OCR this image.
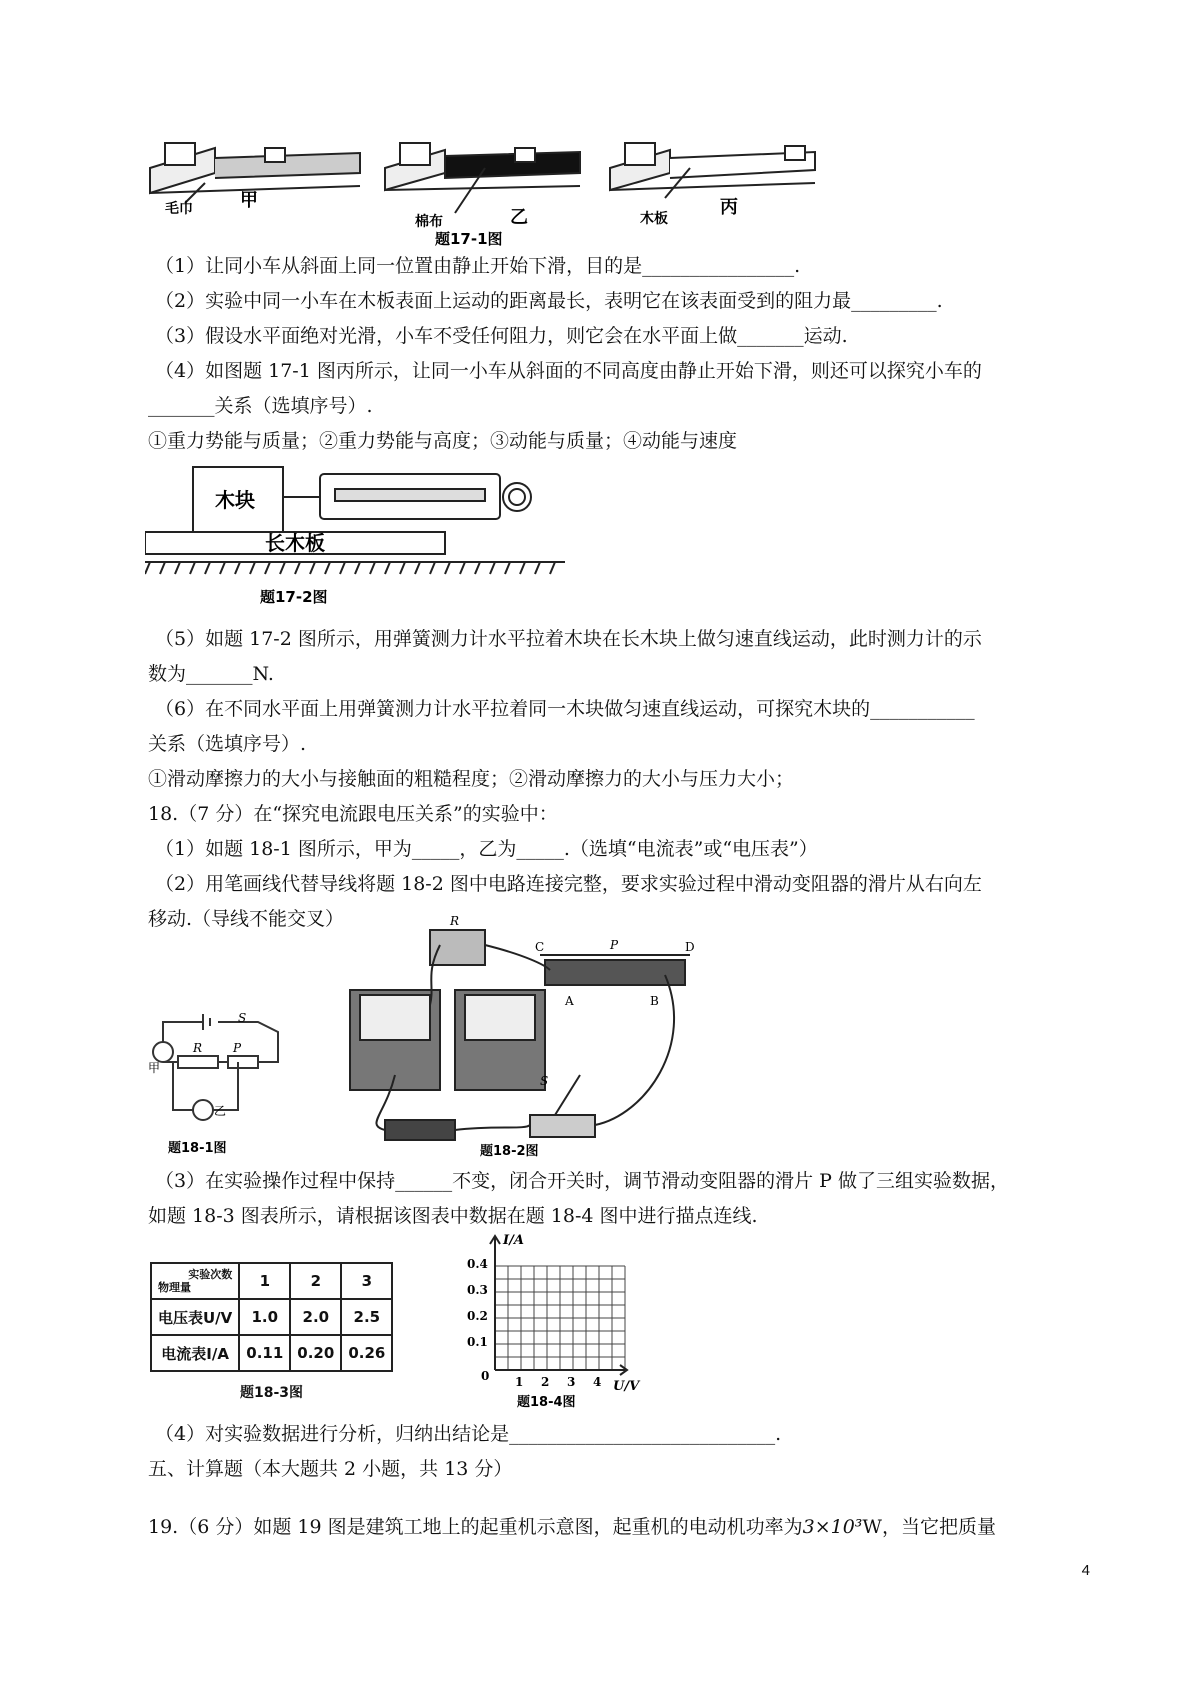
毛巾	甲
棉布	乙	木板
丙
题17-1图
（1）让同小车从斜面上同一位置由静止开始下滑，目的是________________.
（2）实验中同一小车在木板表面上运动的距离最长，表明它在该表面受到的阻力最_________.
（3）假设水平面绝对光滑，小车不受任何阻力，则它会在水平面上做_______运动.
（4）如图题 17-1 图丙所示，让同一小车从斜面的不同高度由静止开始下滑，则还可以探究小车的
_______关系（选填序号）.
①重力势能与质量；②重力势能与高度；③动能与质量；④动能与速度
木块
长木板
题17-2图
（5）如题 17-2 图所示，用弹簧测力计水平拉着木块在长木块上做匀速直线运动，此时测力计的示
数为_______N.
（6）在不同水平面上用弹簧测力计水平拉着同一木块做匀速直线运动，可探究木块的___________
关系（选填序号）.
①滑动摩擦力的大小与接触面的粗糙程度；②滑动摩擦力的大小与压力大小；
18.（7 分）在“探究电流跟电压关系”的实验中：
（1）如题 18-1 图所示，甲为_____，乙为_____.（选填“电流表”或“电压表”）
（2）用笔画线代替导线将题 18-2 图中电路连接完整，要求实验过程中滑动变阻器的滑片从右向左
移动.（导线不能交叉）
S
R	P
甲
乙
题18-1图
R
C	P	D
A	B
S
题18-2图
（3）在实验操作过程中保持______不变，闭合开关时，调节滑动变阻器的滑片 P 做了三组实验数据，
如题 18-3 图表所示，请根据该图表中数据在题 18-4 图中进行描点连线.
实验次数
物理量	1	2	3
电压表U/V	1.0	2.0	2.5
电流表I/A	0.11	0.20	0.26
题18-3图
I/A
U/V
0.4
0.3
0.2
0.1
0 1 2 3 4
题18-4图
（4）对实验数据进行分析，归纳出结论是____________________________.
五、计算题（本大题共 2 小题，共 13 分）
19.（6 分）如题 19 图是建筑工地上的起重机示意图，起重机的电动机功率为3×10³W，当它把质量
4
